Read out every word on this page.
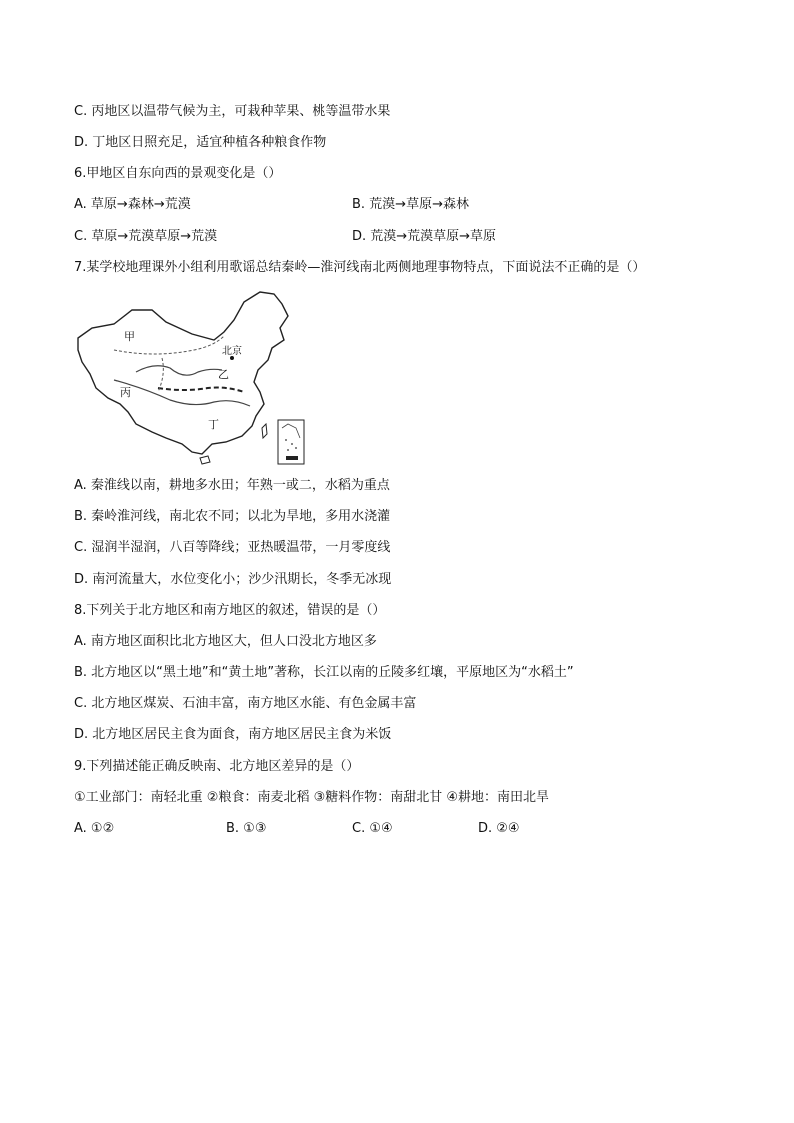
C. 丙地区以温带气候为主，可栽种苹果、桃等温带水果
D. 丁地区日照充足，适宜种植各种粮食作物
6.甲地区自东向西的景观变化是（）
A. 草原→森林→荒漠	B. 荒漠→草原→森林
C. 草原→荒漠草原→荒漠	D. 荒漠→荒漠草原→草原
7.某学校地理课外小组利用歌谣总结秦岭—淮河线南北两侧地理事物特点，下面说法不正确的是（）
甲
北京
乙
丙
丁
A. 秦淮线以南，耕地多水田；年熟一或二，水稻为重点
B. 秦岭淮河线，南北农不同；以北为旱地，多用水浇灌
C. 湿润半湿润，八百等降线；亚热暖温带，一月零度线
D. 南河流量大，水位变化小；沙少汛期长，冬季无冰现
8.下列关于北方地区和南方地区的叙述，错误的是（）
A. 南方地区面积比北方地区大，但人口没北方地区多
B. 北方地区以“黑土地”和“黄土地”著称，长江以南的丘陵多红壤，平原地区为“水稻土”
C. 北方地区煤炭、石油丰富，南方地区水能、有色金属丰富
D. 北方地区居民主食为面食，南方地区居民主食为米饭
9.下列描述能正确反映南、北方地区差异的是（）
①工业部门：南轻北重 ②粮食：南麦北稻 ③糖料作物：南甜北甘 ④耕地：南田北旱
A. ①②	B. ①③	C. ①④	D. ②④
